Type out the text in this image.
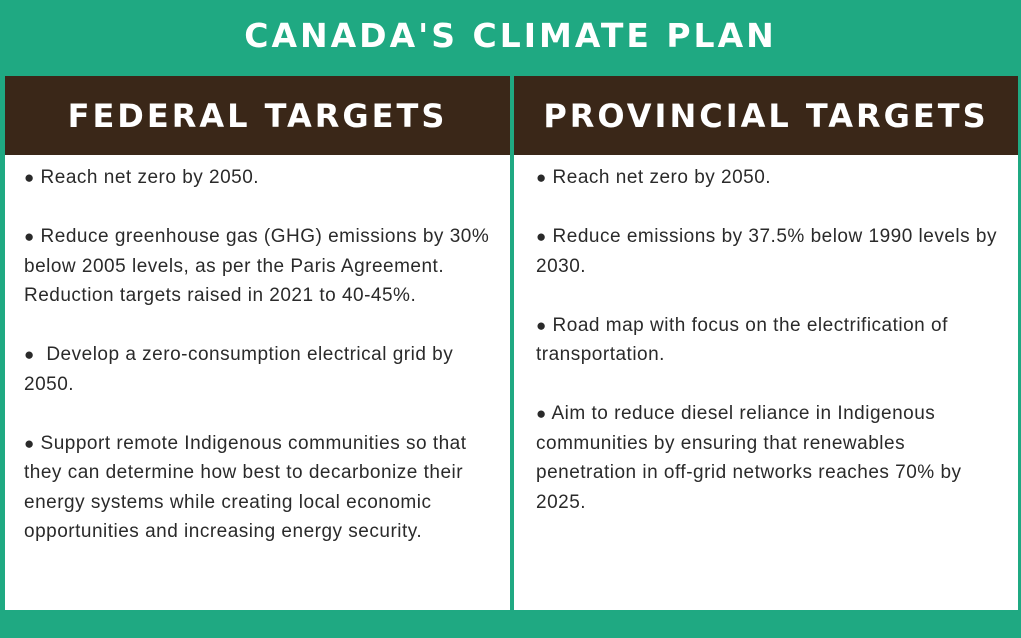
CANADA'S CLIMATE PLAN
FEDERAL TARGETS

● Reach net zero by 2050.

● Reduce greenhouse gas (GHG) emissions by 30% below 2005 levels, as per the Paris Agreement. Reduction targets raised in 2021 to 40-45%.

●  Develop a zero-consumption electrical grid by 2050.

● Support remote Indigenous communities so that they can determine how best to decarbonize their energy systems while creating local economic opportunities and increasing energy security.

PROVINCIAL TARGETS

● Reach net zero by 2050.

● Reduce emissions by 37.5% below 1990 levels by 2030.

● Road map with focus on the electrification of transportation.

● Aim to reduce diesel reliance in Indigenous communities by ensuring that renewables penetration in off-grid networks reaches 70% by 2025.
